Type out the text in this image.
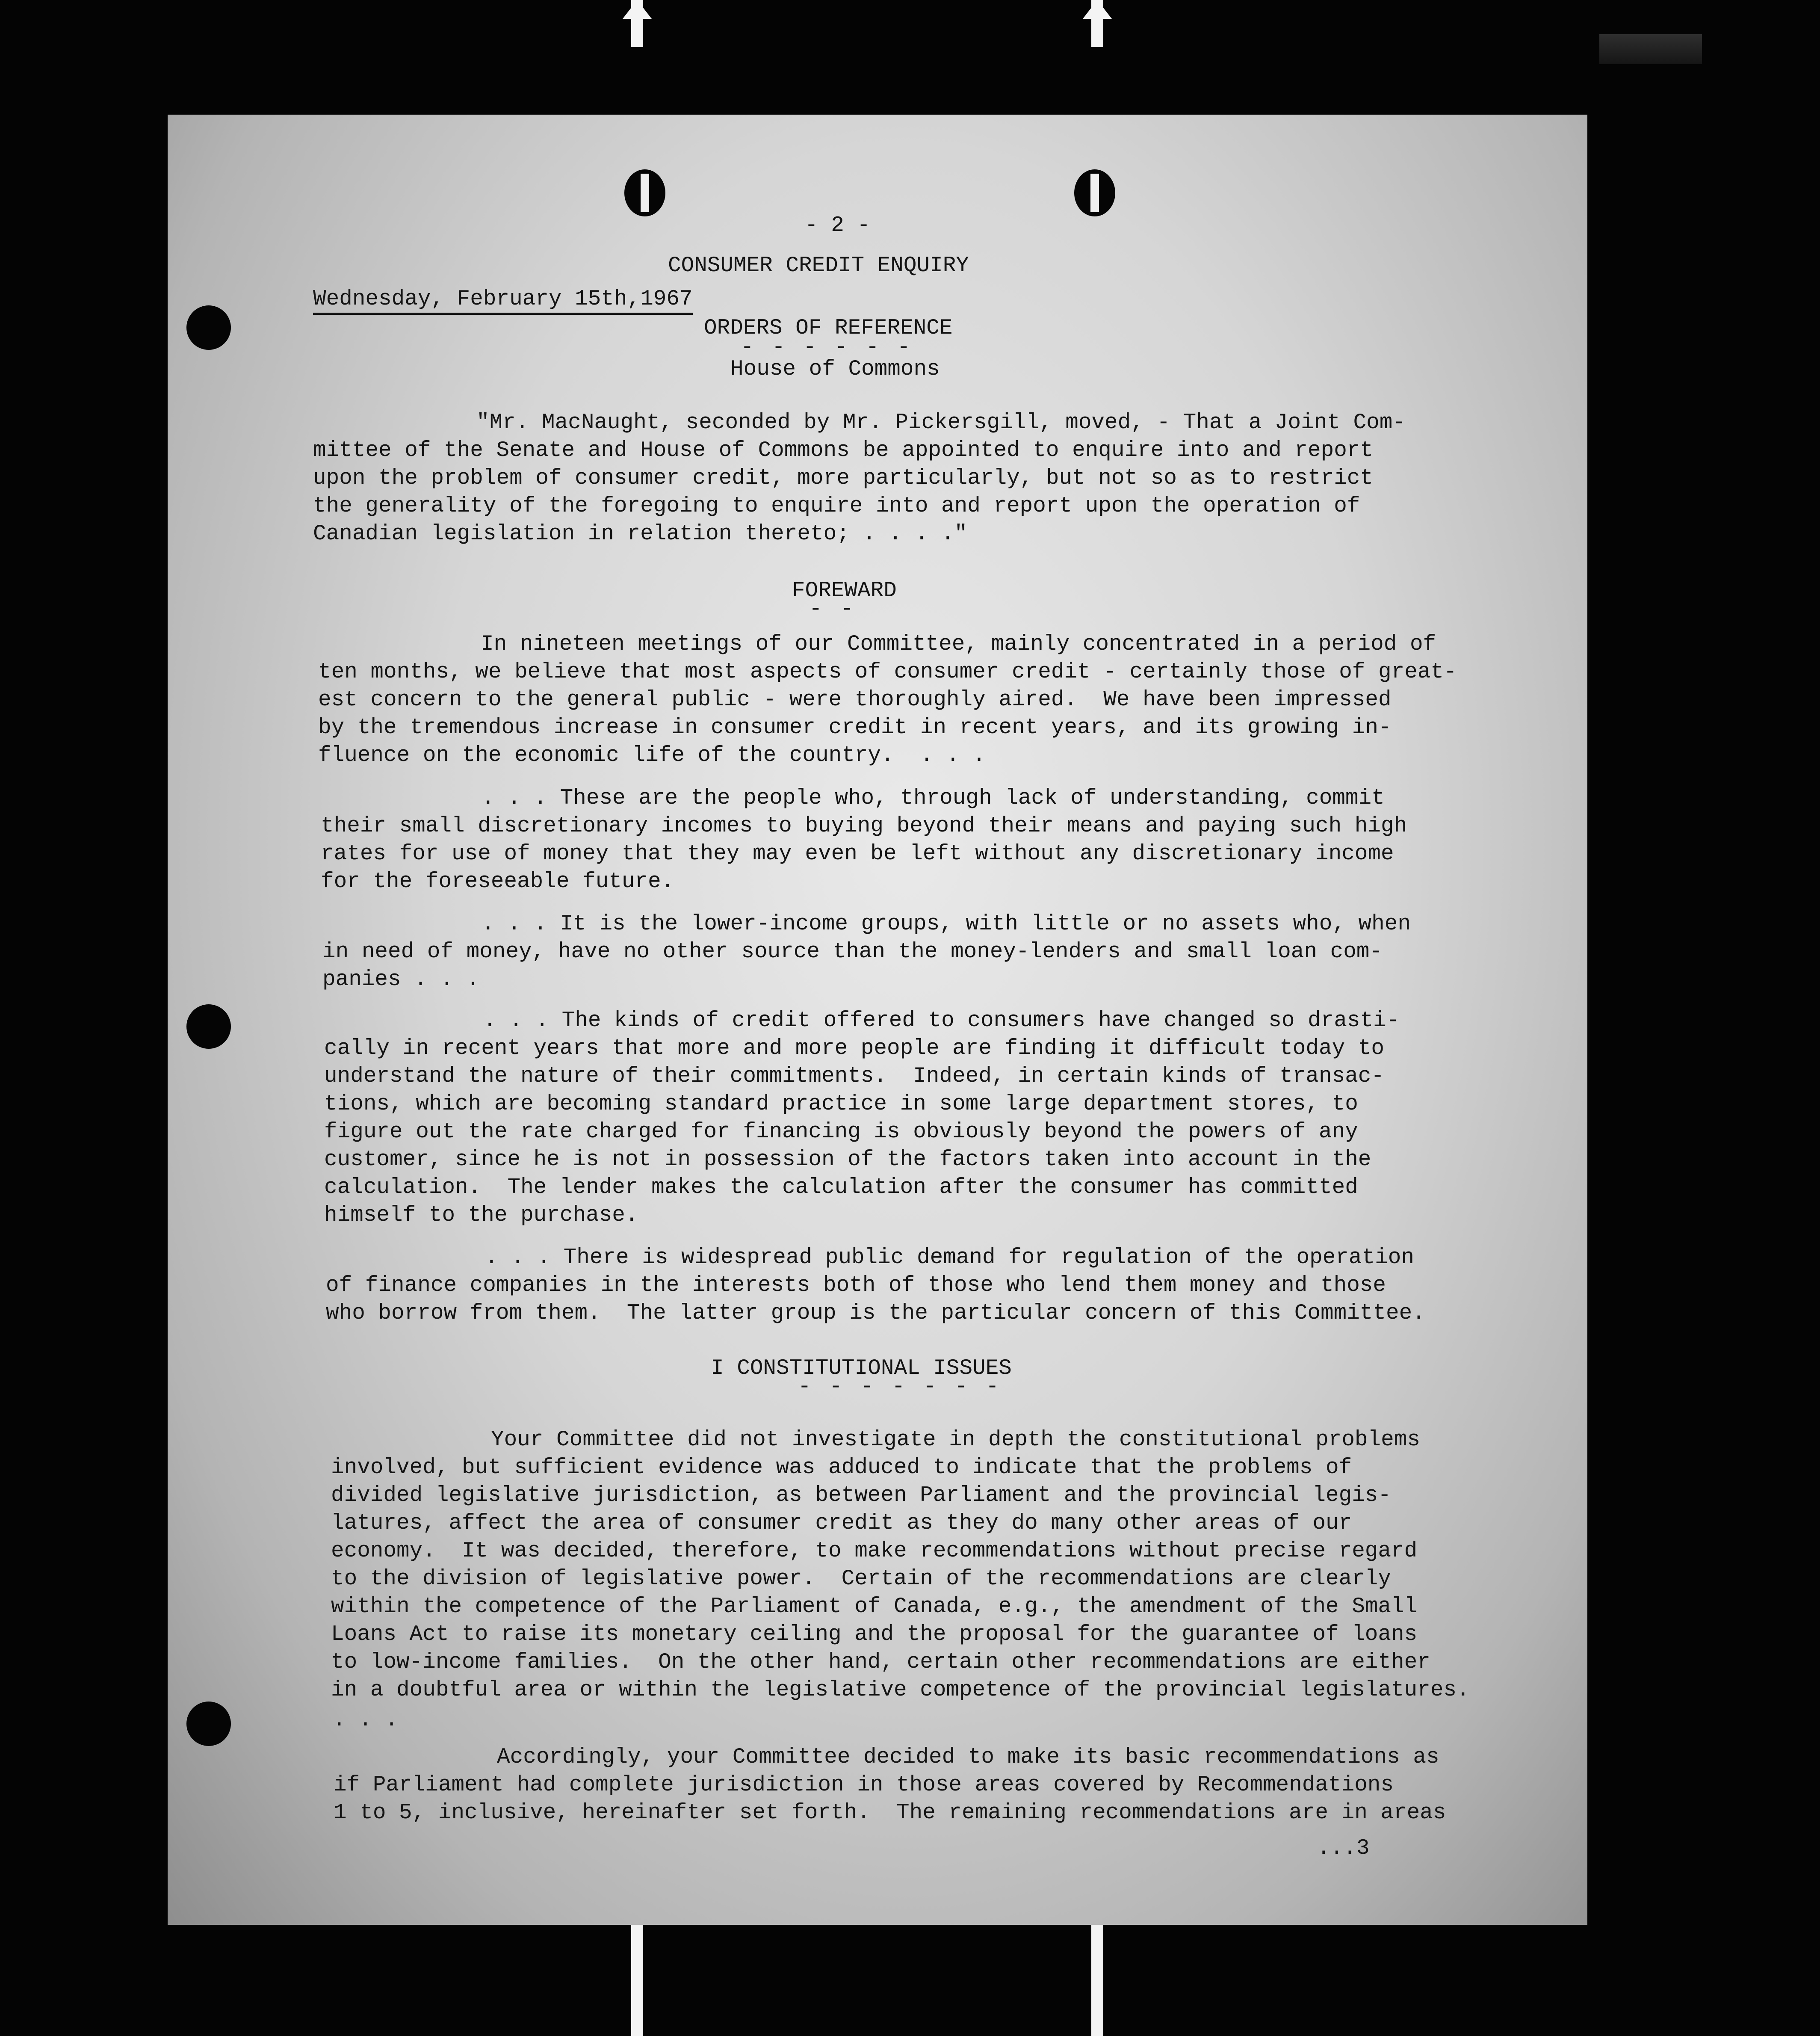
- 2 -
CONSUMER CREDIT ENQUIRY
Wednesday, February 15th,1967
ORDERS OF REFERENCE
- - - - - -
House of Commons
"Mr. MacNaught, seconded by Mr. Pickersgill, moved, - That a Joint Com-
mittee of the Senate and House of Commons be appointed to enquire into and report
upon the problem of consumer credit, more particularly, but not so as to restrict
the generality of the foregoing to enquire into and report upon the operation of
Canadian legislation in relation thereto; . . . ."
FOREWARD
- -
In nineteen meetings of our Committee, mainly concentrated in a period of
ten months, we believe that most aspects of consumer credit - certainly those of great-
est concern to the general public - were thoroughly aired.  We have been impressed
by the tremendous increase in consumer credit in recent years, and its growing in-
fluence on the economic life of the country.  . . .
. . . These are the people who, through lack of understanding, commit
their small discretionary incomes to buying beyond their means and paying such high
rates for use of money that they may even be left without any discretionary income
for the foreseeable future.
. . . It is the lower-income groups, with little or no assets who, when
in need of money, have no other source than the money-lenders and small loan com-
panies . . .
. . . The kinds of credit offered to consumers have changed so drasti-
cally in recent years that more and more people are finding it difficult today to
understand the nature of their commitments.  Indeed, in certain kinds of transac-
tions, which are becoming standard practice in some large department stores, to
figure out the rate charged for financing is obviously beyond the powers of any
customer, since he is not in possession of the factors taken into account in the
calculation.  The lender makes the calculation after the consumer has committed
himself to the purchase.
. . . There is widespread public demand for regulation of the operation
of finance companies in the interests both of those who lend them money and those
who borrow from them.  The latter group is the particular concern of this Committee.
I CONSTITUTIONAL ISSUES
- - - - - - -
Your Committee did not investigate in depth the constitutional problems
involved, but sufficient evidence was adduced to indicate that the problems of
divided legislative jurisdiction, as between Parliament and the provincial legis-
latures, affect the area of consumer credit as they do many other areas of our
economy.  It was decided, therefore, to make recommendations without precise regard
to the division of legislative power.  Certain of the recommendations are clearly
within the competence of the Parliament of Canada, e.g., the amendment of the Small
Loans Act to raise its monetary ceiling and the proposal for the guarantee of loans
to low-income families.  On the other hand, certain other recommendations are either
in a doubtful area or within the legislative competence of the provincial legislatures.
. . .
Accordingly, your Committee decided to make its basic recommendations as
if Parliament had complete jurisdiction in those areas covered by Recommendations
1 to 5, inclusive, hereinafter set forth.  The remaining recommendations are in areas
...3
